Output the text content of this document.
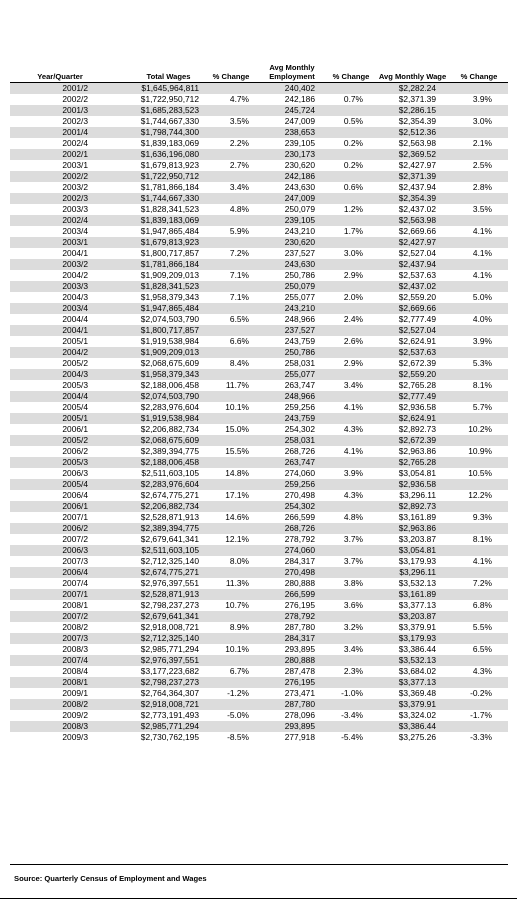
Year/Quarter	Total Wages	% Change	Avg Monthly Employment	% Change	Avg Monthly Wage	% Change
2001/2	$1,645,964,811		240,402		$2,282.24	
2002/2	$1,722,950,712	4.7%	242,186	0.7%	$2,371.39	3.9%
2001/3	$1,685,283,523		245,724		$2,286.15	
2002/3	$1,744,667,330	3.5%	247,009	0.5%	$2,354.39	3.0%
2001/4	$1,798,744,300		238,653		$2,512.36	
2002/4	$1,839,183,069	2.2%	239,105	0.2%	$2,563.98	2.1%
2002/1	$1,636,196,080		230,173		$2,369.52	
2003/1	$1,679,813,923	2.7%	230,620	0.2%	$2,427.97	2.5%
2002/2	$1,722,950,712		242,186		$2,371.39	
2003/2	$1,781,866,184	3.4%	243,630	0.6%	$2,437.94	2.8%
2002/3	$1,744,667,330		247,009		$2,354.39	
2003/3	$1,828,341,523	4.8%	250,079	1.2%	$2,437.02	3.5%
2002/4	$1,839,183,069		239,105		$2,563.98	
2003/4	$1,947,865,484	5.9%	243,210	1.7%	$2,669.66	4.1%
2003/1	$1,679,813,923		230,620		$2,427.97	
2004/1	$1,800,717,857	7.2%	237,527	3.0%	$2,527.04	4.1%
2003/2	$1,781,866,184		243,630		$2,437.94	
2004/2	$1,909,209,013	7.1%	250,786	2.9%	$2,537.63	4.1%
2003/3	$1,828,341,523		250,079		$2,437.02	
2004/3	$1,958,379,343	7.1%	255,077	2.0%	$2,559.20	5.0%
2003/4	$1,947,865,484		243,210		$2,669.66	
2004/4	$2,074,503,790	6.5%	248,966	2.4%	$2,777.49	4.0%
2004/1	$1,800,717,857		237,527		$2,527.04	
2005/1	$1,919,538,984	6.6%	243,759	2.6%	$2,624.91	3.9%
2004/2	$1,909,209,013		250,786		$2,537.63	
2005/2	$2,068,675,609	8.4%	258,031	2.9%	$2,672.39	5.3%
2004/3	$1,958,379,343		255,077		$2,559.20	
2005/3	$2,188,006,458	11.7%	263,747	3.4%	$2,765.28	8.1%
2004/4	$2,074,503,790		248,966		$2,777.49	
2005/4	$2,283,976,604	10.1%	259,256	4.1%	$2,936.58	5.7%
2005/1	$1,919,538,984		243,759		$2,624.91	
2006/1	$2,206,882,734	15.0%	254,302	4.3%	$2,892.73	10.2%
2005/2	$2,068,675,609		258,031		$2,672.39	
2006/2	$2,389,394,775	15.5%	268,726	4.1%	$2,963.86	10.9%
2005/3	$2,188,006,458		263,747		$2,765.28	
2006/3	$2,511,603,105	14.8%	274,060	3.9%	$3,054.81	10.5%
2005/4	$2,283,976,604		259,256		$2,936.58	
2006/4	$2,674,775,271	17.1%	270,498	4.3%	$3,296.11	12.2%
2006/1	$2,206,882,734		254,302		$2,892.73	
2007/1	$2,528,871,913	14.6%	266,599	4.8%	$3,161.89	9.3%
2006/2	$2,389,394,775		268,726		$2,963.86	
2007/2	$2,679,641,341	12.1%	278,792	3.7%	$3,203.87	8.1%
2006/3	$2,511,603,105		274,060		$3,054.81	
2007/3	$2,712,325,140	8.0%	284,317	3.7%	$3,179.93	4.1%
2006/4	$2,674,775,271		270,498		$3,296.11	
2007/4	$2,976,397,551	11.3%	280,888	3.8%	$3,532.13	7.2%
2007/1	$2,528,871,913		266,599		$3,161.89	
2008/1	$2,798,237,273	10.7%	276,195	3.6%	$3,377.13	6.8%
2007/2	$2,679,641,341		278,792		$3,203.87	
2008/2	$2,918,008,721	8.9%	287,780	3.2%	$3,379.91	5.5%
2007/3	$2,712,325,140		284,317		$3,179.93	
2008/3	$2,985,771,294	10.1%	293,895	3.4%	$3,386.44	6.5%
2007/4	$2,976,397,551		280,888		$3,532.13	
2008/4	$3,177,223,682	6.7%	287,478	2.3%	$3,684.02	4.3%
2008/1	$2,798,237,273		276,195		$3,377.13	
2009/1	$2,764,364,307	-1.2%	273,471	-1.0%	$3,369.48	-0.2%
2008/2	$2,918,008,721		287,780		$3,379.91	
2009/2	$2,773,191,493	-5.0%	278,096	-3.4%	$3,324.02	-1.7%
2008/3	$2,985,771,294		293,895		$3,386.44	
2009/3	$2,730,762,195	-8.5%	277,918	-5.4%	$3,275.26	-3.3%
Source: Quarterly Census of Employment and Wages
